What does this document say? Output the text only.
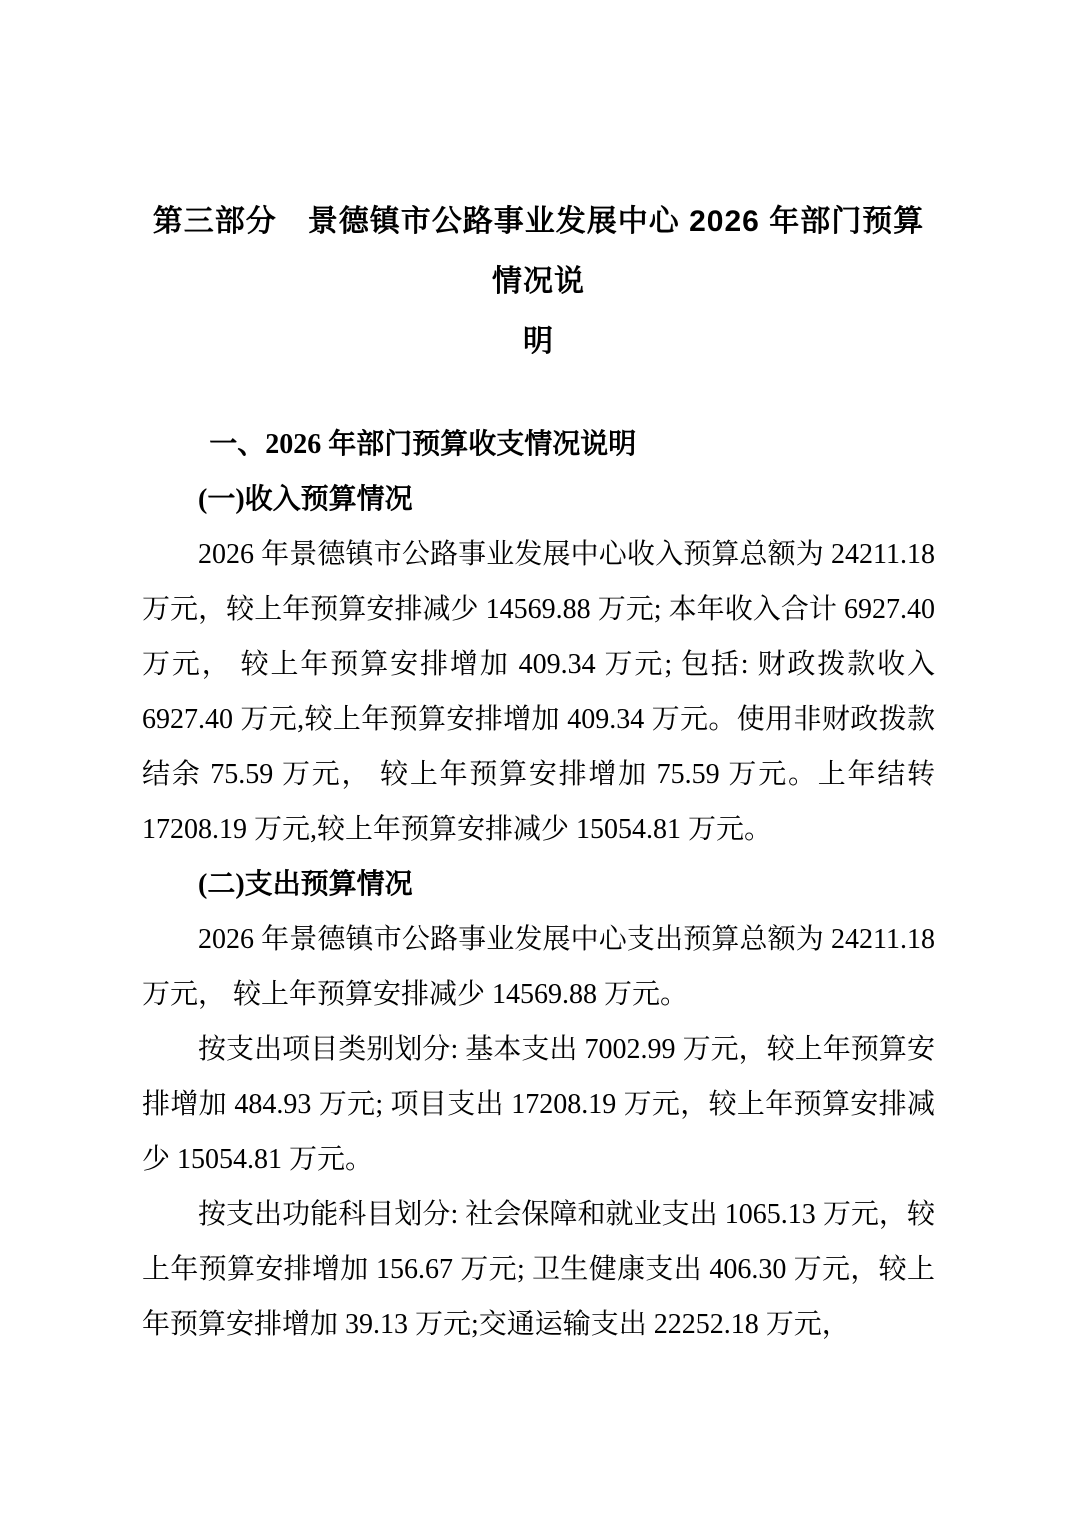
第三部分　景德镇市公路事业发展中心 2026 年部门预算情况说
明

一、2026 年部门预算收支情况说明

(一)收入预算情况

2026 年景德镇市公路事业发展中心收入预算总额为 24211.18 万元，较上年预算安排减少 14569.88 万元; 本年收入合计 6927.40 万元， 较上年预算安排增加 409.34 万元; 包括: 财政拨款收入 6927.40 万元,较上年预算安排增加 409.34 万元。使用非财政拨款结余 75.59 万元， 较上年预算安排增加 75.59 万元。上年结转 17208.19 万元,较上年预算安排减少 15054.81 万元。

(二)支出预算情况

2026 年景德镇市公路事业发展中心支出预算总额为 24211.18 万元， 较上年预算安排减少 14569.88 万元。

按支出项目类别划分: 基本支出 7002.99 万元，较上年预算安排增加 484.93 万元; 项目支出 17208.19 万元，较上年预算安排减少 15054.81 万元。

按支出功能科目划分: 社会保障和就业支出 1065.13 万元，较上年预算安排增加 156.67 万元; 卫生健康支出 406.30 万元，较上年预算安排增加 39.13 万元;交通运输支出 22252.18 万元，
